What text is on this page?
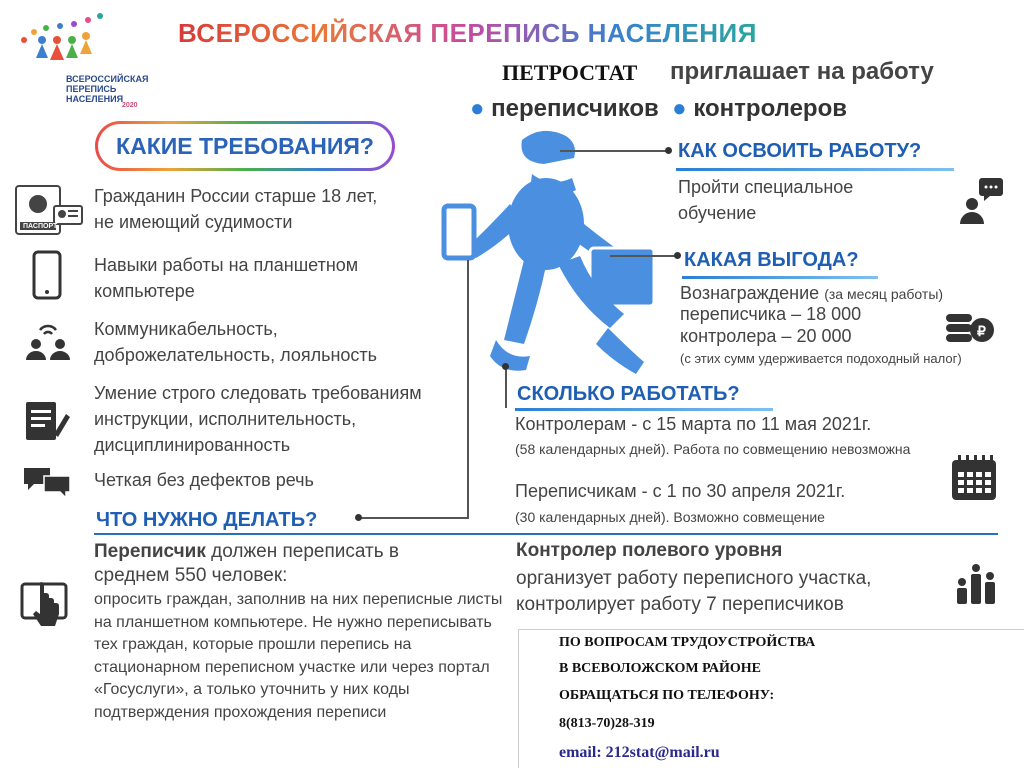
ВСЕРОССИЙСКАЯ ПЕРЕПИСЬ НАСЕЛЕНИЯ
2020
ВСЕРОССИЙСКАЯ ПЕРЕПИСЬ НАСЕЛЕНИЯ
ПЕТРОСТАТ приглашает на работу
● переписчиков ● контролеров
КАКИЕ ТРЕБОВАНИЯ?
ПАСПОРТ
Гражданин России старше 18 лет, не имеющий судимости
Навыки работы на планшетном компьютере
Коммуникабельность, доброжелательность, лояльность
Умение строго следовать требованиям инструкции, исполнительность, дисциплинированность
Четкая без дефектов речь
КАК ОСВОИТЬ РАБОТУ?
Пройти специальное обучение
КАКАЯ ВЫГОДА?
Вознаграждение (за месяц работы)
переписчика – 18 000
контролера – 20 000
(с этих сумм удерживается подоходный налог)
₽
СКОЛЬКО РАБОТАТЬ?
Контролерам - с 15 марта по 11 мая 2021г.
(58 календарных дней). Работа по совмещению невозможна
Переписчикам - с 1 по 30 апреля 2021г.
(30 календарных дней). Возможно совмещение
ЧТО НУЖНО ДЕЛАТЬ?
Переписчик должен переписать в среднем 550 человек:
опросить граждан, заполнив на них переписные листы на планшетном компьютере. Не нужно переписывать тех граждан, которые прошли перепись на стационарном переписном участке или через портал «Госуслуги», а только уточнить у них коды подтверждения прохождения переписи
Контролер полевого уровня
организует работу переписного участка, контролирует работу 7 переписчиков
ПО ВОПРОСАМ ТРУДОУСТРОЙСТВА
В ВСЕВОЛОЖСКОМ РАЙОНЕ
ОБРАЩАТЬСЯ ПО ТЕЛЕФОНУ:
8(813-70)28-319
email: 212stat@mail.ru
